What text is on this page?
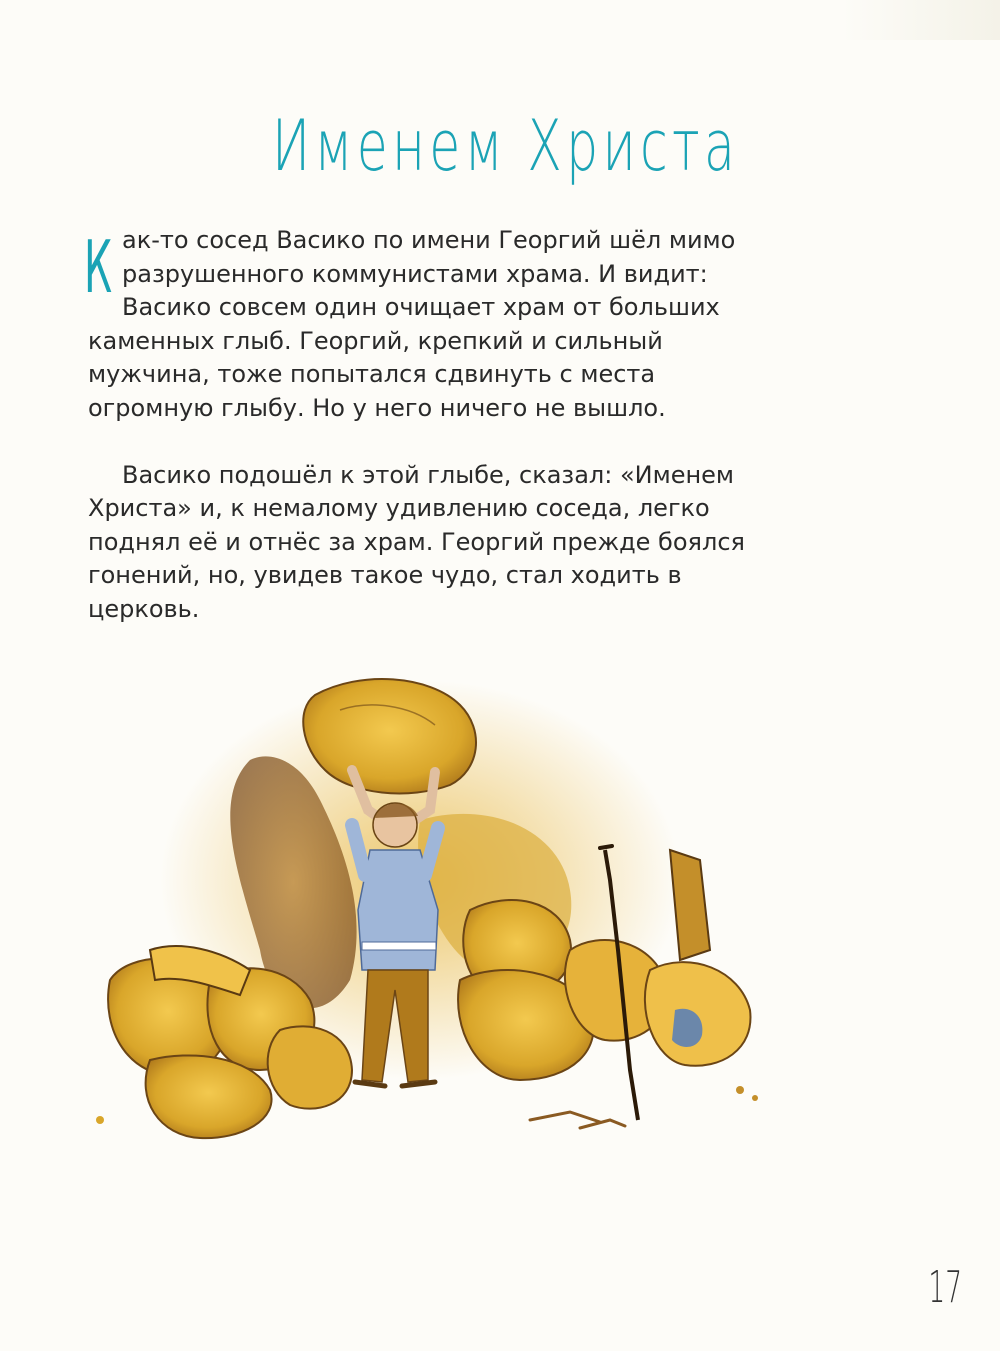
Именем Христа

К ак-то сосед Васико по имени Георгий шёл мимо разрушенного коммунистами храма. И видит: Васико совсем один очищает храм от больших каменных глыб. Георгий, крепкий и сильный мужчина, тоже попытался сдвинуть с места огромную глыбу. Но у него ничего не вышло.

Васико подошёл к этой глыбе, сказал: «Именем Христа» и, к немалому удивлению соседа, легко поднял её и отнёс за храм. Георгий прежде боялся гонений, но, увидев такое чудо, стал ходить в церковь.

17
